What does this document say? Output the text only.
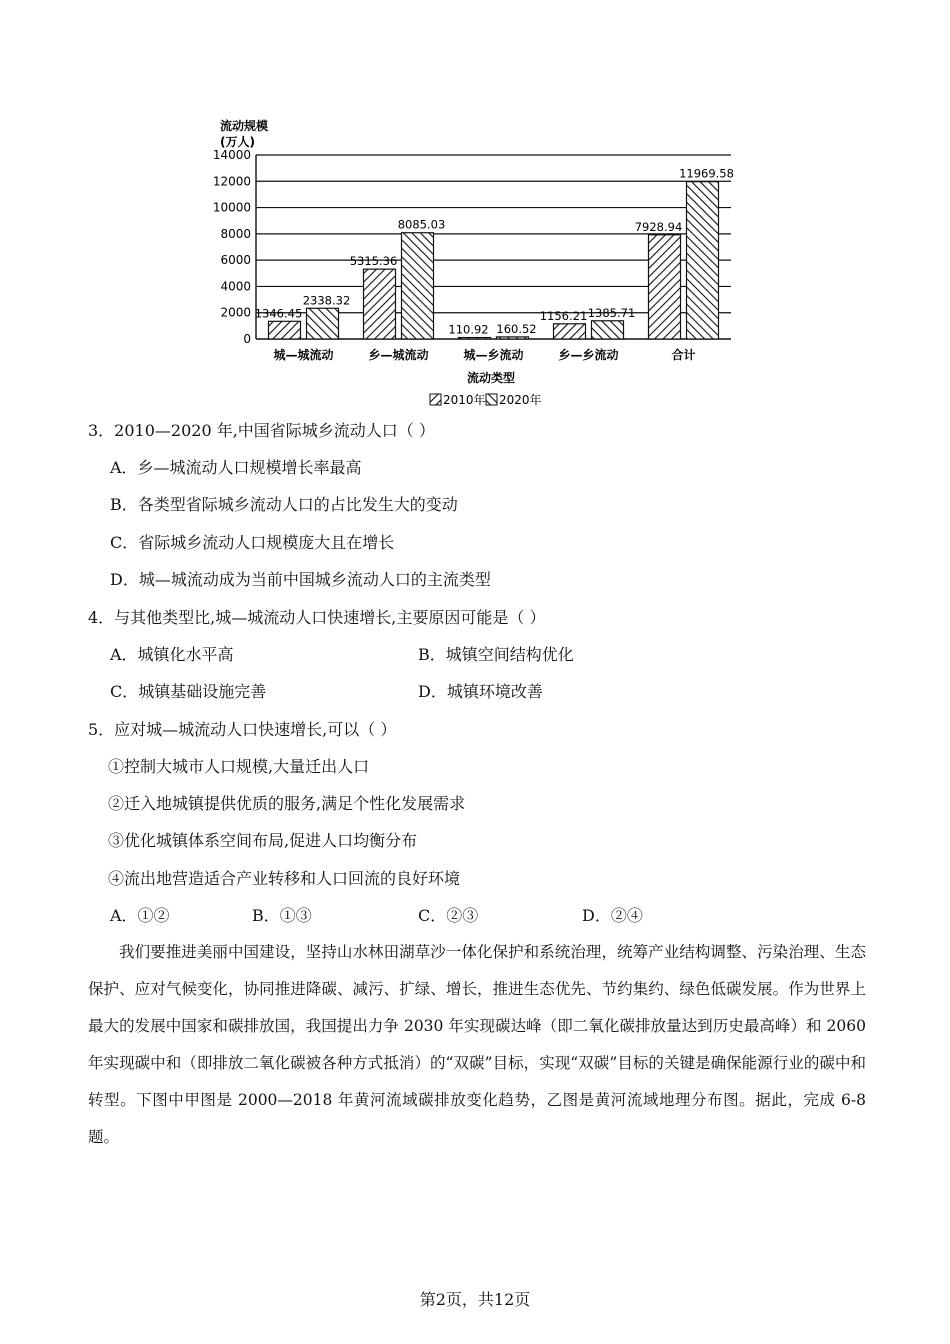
流动规模
(万人)
0
2000
4000
6000
8000
10000
12000
14000
1346.45
2338.32
5315.36
8085.03
110.92 160.52
1156.21 1385.71
7928.94
11969.58
城—城流动	乡—城流动	城—乡流动	乡—乡流动	合计
流动类型
2010年 2020年
3．2010—2020 年,中国省际城乡流动人口（ ）
A．乡—城流动人口规模增长率最高
B．各类型省际城乡流动人口的占比发生大的变动
C．省际城乡流动人口规模庞大且在增长
D．城—城流动成为当前中国城乡流动人口的主流类型
4．与其他类型比,城—城流动人口快速增长,主要原因可能是（ ）
A．城镇化水平高	B．城镇空间结构优化
C．城镇基础设施完善	D．城镇环境改善
5．应对城—城流动人口快速增长,可以（ ）
①控制大城市人口规模,大量迁出人口
②迁入地城镇提供优质的服务,满足个性化发展需求
③优化城镇体系空间布局,促进人口均衡分布
④流出地营造适合产业转移和人口回流的良好环境
A．①②	B．①③	C．②③	D．②④
我们要推进美丽中国建设，坚持山水林田湖草沙一体化保护和系统治理，统筹产业结构调整、污染治理、生态保护、应对气候变化，协同推进降碳、减污、扩绿、增长，推进生态优先、节约集约、绿色低碳发展。作为世界上最大的发展中国家和碳排放国，我国提出力争 2030 年实现碳达峰（即二氧化碳排放量达到历史最高峰）和 2060 年实现碳中和（即排放二氧化碳被各种方式抵消）的“双碳”目标，实现“双碳”目标的关键是确保能源行业的碳中和转型。下图中甲图是 2000—2018 年黄河流域碳排放变化趋势，乙图是黄河流域地理分布图。据此，完成 6-8 题。
第2页，共12页
